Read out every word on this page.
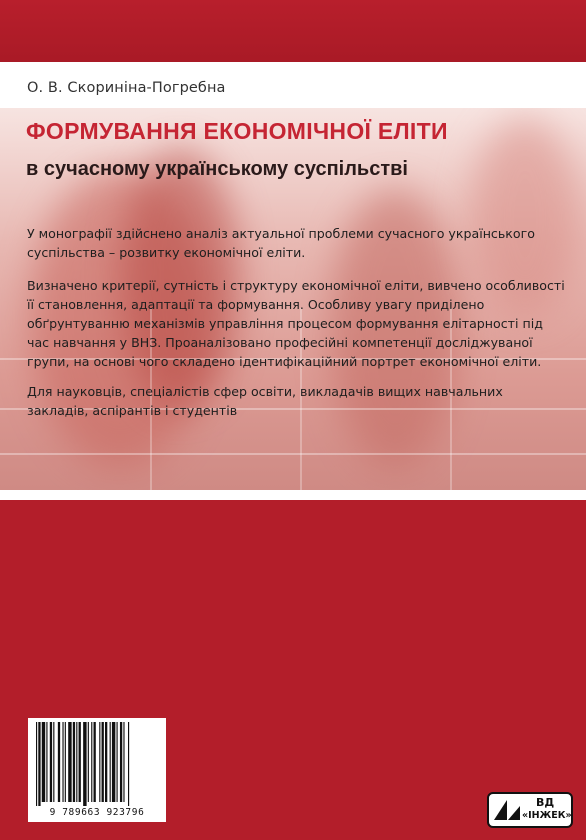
О. В. Скориніна-Погребна
ФОРМУВАННЯ ЕКОНОМІЧНОЇ ЕЛІТИ
в сучасному українському суспільстві
У монографії здійснено аналіз актуальної проблеми сучасного українського суспільства – розвитку економічної еліти.
Визначено критерії, сутність і структуру економічної еліти, вивчено особливості її становлення, адаптації та формування. Особливу увагу приділено обґрунтуванню механізмів управління процесом формування елітарності під час навчання у ВНЗ. Проаналізовано професійні компетенції досліджуваної групи, на основі чого складено ідентифікаційний портрет економічної еліти.
Для науковців, спеціалістів сфер освіти, викладачів вищих навчальних закладів, аспірантів і студентів
9 789663 923796
ВД
«ІНЖЕК»
